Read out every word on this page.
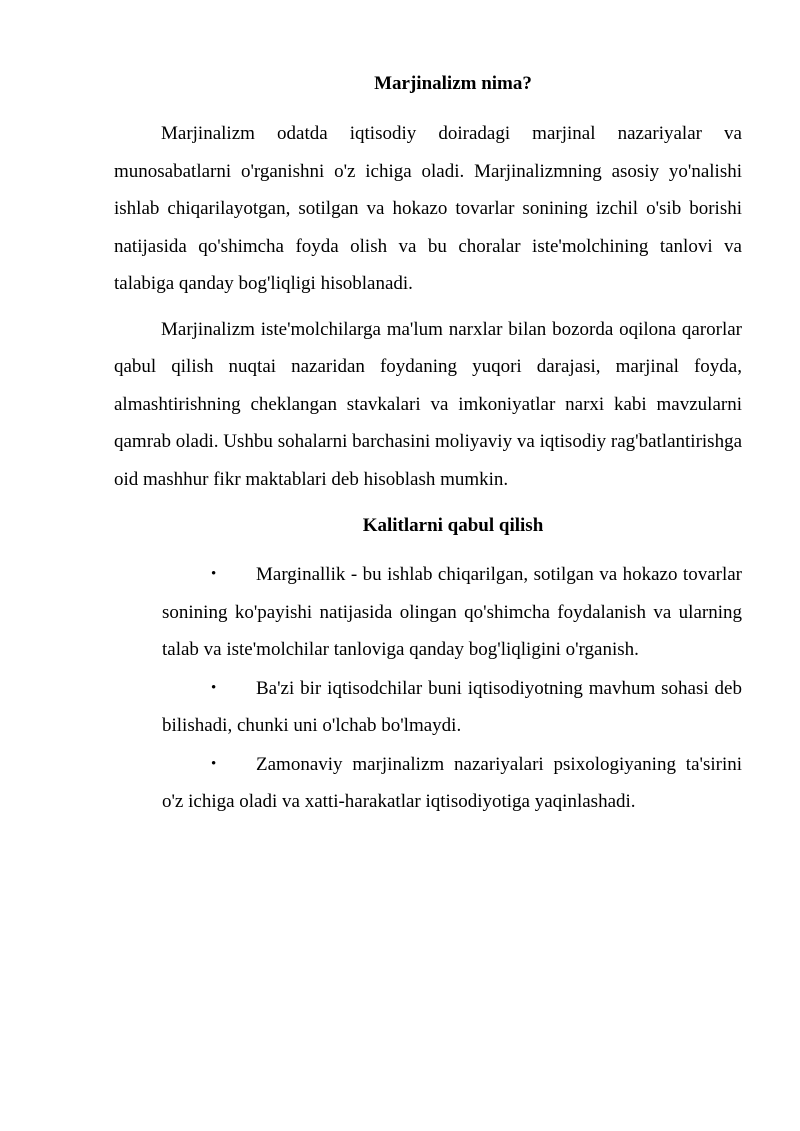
Marjinalizm nima?

Marjinalizm odatda iqtisodiy doiradagi marjinal nazariyalar va munosabatlarni o'rganishni o'z ichiga oladi. Marjinalizmning asosiy yo'nalishi ishlab chiqarilayotgan, sotilgan va hokazo tovarlar sonining izchil o'sib borishi natijasida qo'shimcha foyda olish va bu choralar iste'molchining tanlovi va talabiga qanday bog'liqligi hisoblanadi.

Marjinalizm iste'molchilarga ma'lum narxlar bilan bozorda oqilona qarorlar qabul qilish nuqtai nazaridan foydaning yuqori darajasi, marjinal foyda, almashtirishning cheklangan stavkalari va imkoniyatlar narxi kabi mavzularni qamrab oladi. Ushbu sohalarni barchasini moliyaviy va iqtisodiy rag'batlantirishga oid mashhur fikr maktablari deb hisoblash mumkin.

Kalitlarni qabul qilish
• Marginallik - bu ishlab chiqarilgan, sotilgan va hokazo tovarlar sonining ko'payishi natijasida olingan qo'shimcha foydalanish va ularning talab va iste'molchilar tanloviga qanday bog'liqligini o'rganish.
• Ba'zi bir iqtisodchilar buni iqtisodiyotning mavhum sohasi deb bilishadi, chunki uni o'lchab bo'lmaydi.
• Zamonaviy marjinalizm nazariyalari psixologiyaning ta'sirini o'z ichiga oladi va xatti-harakatlar iqtisodiyotiga yaqinlashadi.
